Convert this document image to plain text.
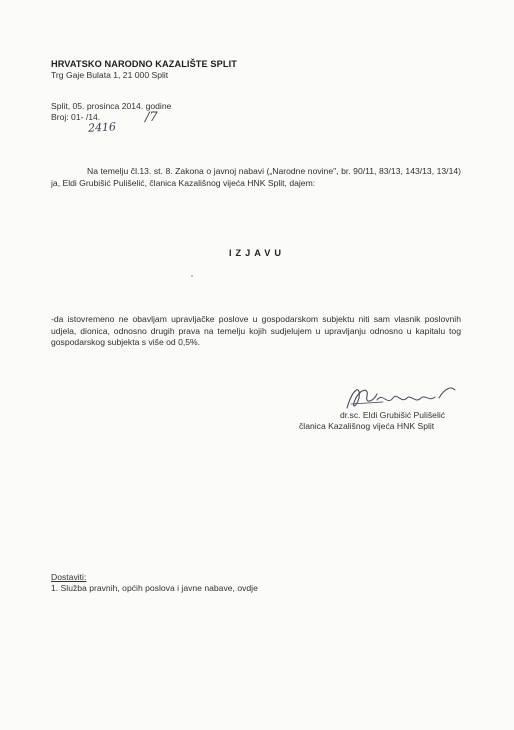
HRVATSKO NARODNO KAZALIŠTE SPLIT
Trg Gaje Bulata 1, 21 000 Split
Split, 05. prosinca 2014. godine
Broj: 01- /14.
2416
/7
Na temelju čl.13. st. 8. Zakona o javnoj nabavi („Narodne novine", br. 90/11, 83/13, 143/13, 13/14) ja, Eldi Grubišić Pulišelić, članica Kazališnog vijeća HNK Split, dajem:
IZJAVU
-da istovremeno ne obavljam upravljačke poslove u gospodarskom subjektu niti sam vlasnik poslovnih udjela, dionica, odnosno drugih prava na temelju kojih sudjelujem u upravljanju odnosno u kapitalu tog gospodarskog subjekta s više od 0,5%.
dr.sc. Eldi Grubišić Pulišelić
članica Kazališnog vijeća HNK Split
Dostaviti:
1. Služba pravnih, općih poslova i javne nabave, ovdje
